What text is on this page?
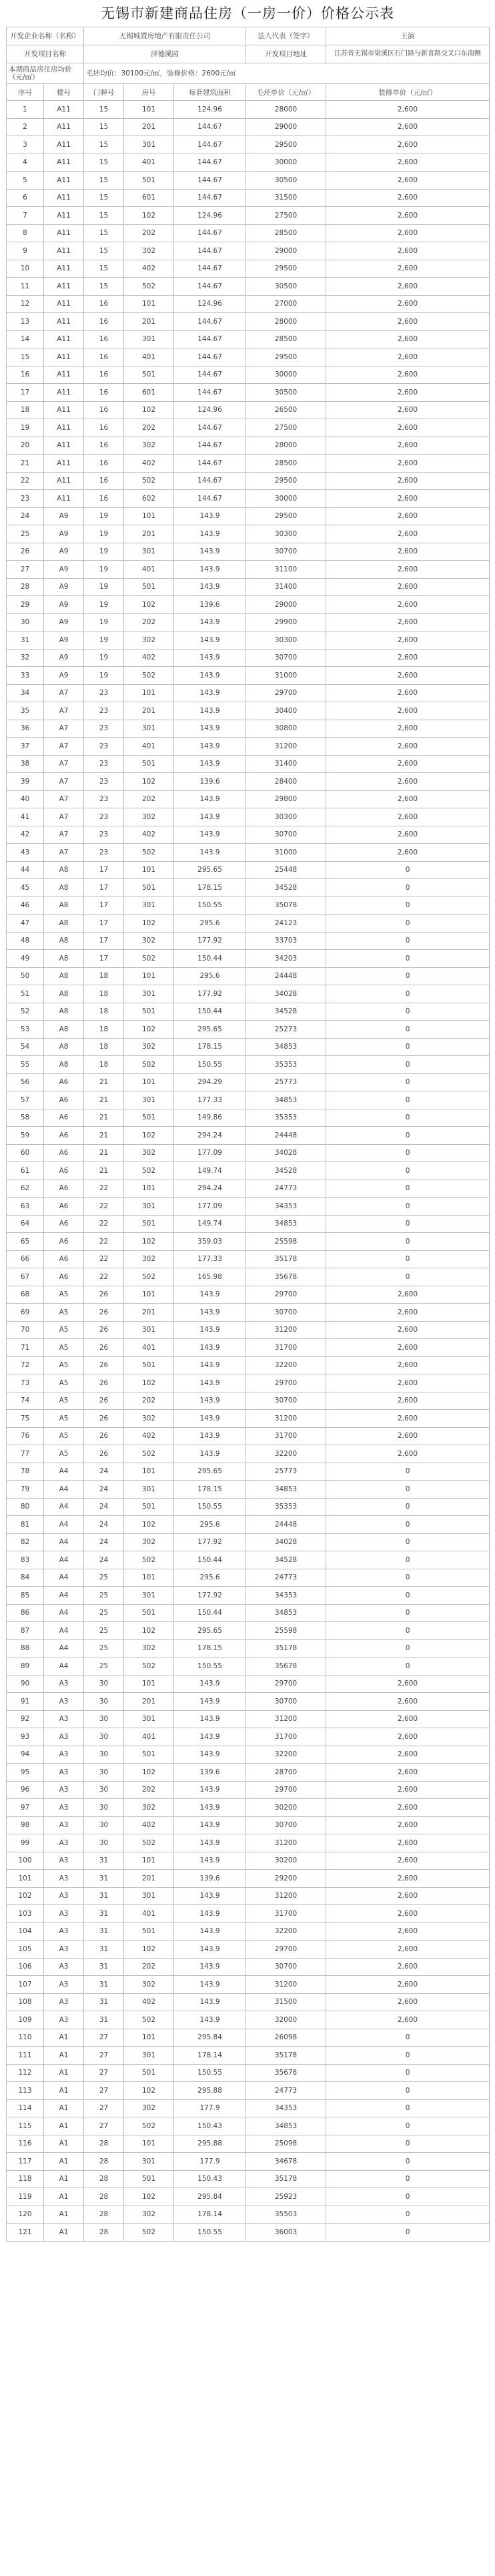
无锡市新建商品住房（一房一价）价格公示表
开发企业名称（名称）		无锡城置房地产有限责任公司			法人代表（签字）	王演
开发项目名称		泽德溪园			开发项目地址	江苏省无锡市梁溪区石门路与新喜路交叉口东南侧
本期商品房住房均价（元/㎡）		毛坯均价：30100元/㎡，装修价格：2600元/㎡				
序号	楼号	门牌号	房号	每套建筑面积	毛坯单价（元/㎡）	装修单价（元/㎡）
1	A11	15	101	124.96	28000	2,600
2	A11	15	201	144.67	29000	2,600
3	A11	15	301	144.67	29500	2,600
4	A11	15	401	144.67	30000	2,600
5	A11	15	501	144.67	30500	2,600
6	A11	15	601	144.67	31500	2,600
7	A11	15	102	124.96	27500	2,600
8	A11	15	202	144.67	28500	2,600
9	A11	15	302	144.67	29000	2,600
10	A11	15	402	144.67	29500	2,600
11	A11	15	502	144.67	30500	2,600
12	A11	16	101	124.96	27000	2,600
13	A11	16	201	144.67	28000	2,600
14	A11	16	301	144.67	28500	2,600
15	A11	16	401	144.67	29500	2,600
16	A11	16	501	144.67	30000	2,600
17	A11	16	601	144.67	30500	2,600
18	A11	16	102	124.96	26500	2,600
19	A11	16	202	144.67	27500	2,600
20	A11	16	302	144.67	28000	2,600
21	A11	16	402	144.67	28500	2,600
22	A11	16	502	144.67	29500	2,600
23	A11	16	602	144.67	30000	2,600
24	A9	19	101	143.9	29500	2,600
25	A9	19	201	143.9	30300	2,600
26	A9	19	301	143.9	30700	2,600
27	A9	19	401	143.9	31100	2,600
28	A9	19	501	143.9	31400	2,600
29	A9	19	102	139.6	29000	2,600
30	A9	19	202	143.9	29900	2,600
31	A9	19	302	143.9	30300	2,600
32	A9	19	402	143.9	30700	2,600
33	A9	19	502	143.9	31000	2,600
34	A7	23	101	143.9	29700	2,600
35	A7	23	201	143.9	30400	2,600
36	A7	23	301	143.9	30800	2,600
37	A7	23	401	143.9	31200	2,600
38	A7	23	501	143.9	31400	2,600
39	A7	23	102	139.6	28400	2,600
40	A7	23	202	143.9	29800	2,600
41	A7	23	302	143.9	30300	2,600
42	A7	23	402	143.9	30700	2,600
43	A7	23	502	143.9	31000	2,600
44	A8	17	101	295.65	25448	0
45	A8	17	501	178.15	34528	0
46	A8	17	301	150.55	35078	0
47	A8	17	102	295.6	24123	0
48	A8	17	302	177.92	33703	0
49	A8	17	502	150.44	34203	0
50	A8	18	101	295.6	24448	0
51	A8	18	301	177.92	34028	0
52	A8	18	501	150.44	34528	0
53	A8	18	102	295.65	25273	0
54	A8	18	302	178.15	34853	0
55	A8	18	502	150.55	35353	0
56	A6	21	101	294.29	25773	0
57	A6	21	301	177.33	34853	0
58	A6	21	501	149.86	35353	0
59	A6	21	102	294.24	24448	0
60	A6	21	302	177.09	34028	0
61	A6	21	502	149.74	34528	0
62	A6	22	101	294.24	24773	0
63	A6	22	301	177.09	34353	0
64	A6	22	501	149.74	34853	0
65	A6	22	102	359.03	25598	0
66	A6	22	302	177.33	35178	0
67	A6	22	502	165.98	35678	0
68	A5	26	101	143.9	29700	2,600
69	A5	26	201	143.9	30700	2,600
70	A5	26	301	143.9	31200	2,600
71	A5	26	401	143.9	31700	2,600
72	A5	26	501	143.9	32200	2,600
73	A5	26	102	143.9	29700	2,600
74	A5	26	202	143.9	30700	2,600
75	A5	26	302	143.9	31200	2,600
76	A5	26	402	143.9	31700	2,600
77	A5	26	502	143.9	32200	2,600
78	A4	24	101	295.65	25773	0
79	A4	24	301	178.15	34853	0
80	A4	24	501	150.55	35353	0
81	A4	24	102	295.6	24448	0
82	A4	24	302	177.92	34028	0
83	A4	24	502	150.44	34528	0
84	A4	25	101	295.6	24773	0
85	A4	25	301	177.92	34353	0
86	A4	25	501	150.44	34853	0
87	A4	25	102	295.65	25598	0
88	A4	25	302	178.15	35178	0
89	A4	25	502	150.55	35678	0
90	A3	30	101	143.9	29700	2,600
91	A3	30	201	143.9	30700	2,600
92	A3	30	301	143.9	31200	2,600
93	A3	30	401	143.9	31700	2,600
94	A3	30	501	143.9	32200	2,600
95	A3	30	102	139.6	28700	2,600
96	A3	30	202	143.9	29700	2,600
97	A3	30	302	143.9	30200	2,600
98	A3	30	402	143.9	30700	2,600
99	A3	30	502	143.9	31200	2,600
100	A3	31	101	143.9	30200	2,600
101	A3	31	201	139.6	29200	2,600
102	A3	31	301	143.9	31200	2,600
103	A3	31	401	143.9	31700	2,600
104	A3	31	501	143.9	32200	2,600
105	A3	31	102	143.9	29700	2,600
106	A3	31	202	143.9	30700	2,600
107	A3	31	302	143.9	31200	2,600
108	A3	31	402	143.9	31500	2,600
109	A3	31	502	143.9	32000	2,600
110	A1	27	101	295.84	26098	0
111	A1	27	301	178.14	35178	0
112	A1	27	501	150.55	35678	0
113	A1	27	102	295.88	24773	0
114	A1	27	302	177.9	34353	0
115	A1	27	502	150.43	34853	0
116	A1	28	101	295.88	25098	0
117	A1	28	301	177.9	34678	0
118	A1	28	501	150.43	35178	0
119	A1	28	102	295.84	25923	0
120	A1	28	302	178.14	35503	0
121	A1	28	502	150.55	36003	0
